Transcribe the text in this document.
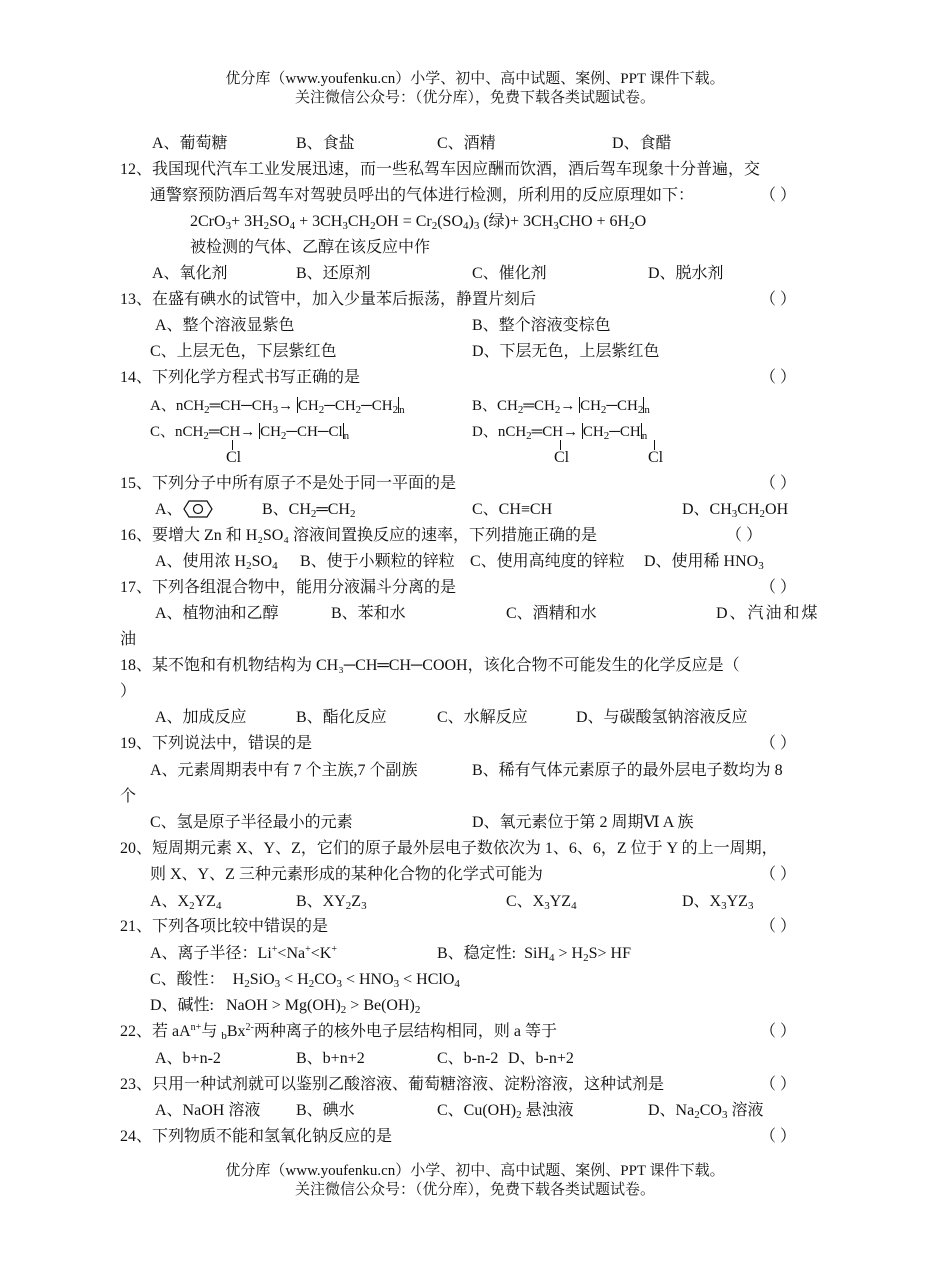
优分库（www.youfenku.cn）小学、初中、高中试题、案例、PPT 课件下载。
关注微信公众号：（优分库），免费下载各类试题试卷。
A、葡萄糖	B、食盐	C、酒精	D、食醋
12、我国现代汽车工业发展迅速，而一些私驾车因应酬而饮酒，酒后驾车现象十分普遍，交
通警察预防酒后驾车对驾驶员呼出的气体进行检测，所利用的反应原理如下：	（ ）
$2CrO_3+ 3H_2SO_4 + 3CH_3CH_2OH = Cr_2(SO_4)_3$ (绿)+ $3CH_3CHO + 6H_2O$
被检测的气体、乙醇在该反应中作
A、氧化剂	B、还原剂	C、催化剂	D、脱水剂
13、在盛有碘水的试管中，加入少量苯后振荡，静置片刻后	（ ）
A、整个溶液显紫色	B、整个溶液变棕色
C、上层无色，下层紫红色	D、下层无色，上层紫红色
14、下列化学方程式书写正确的是	（ ）
A、$nCH_2═CH─CH_3\to$ $CH_2─CH_2─CH_{2n}$	B、$CH_2═CH_2\to$ $CH_2─CH_{2n}$
C、nCH$_2$═CH→ $CH_2─CH─Cl_n$	D、nCH$_2$═CH→ $CH_2─CH_n$
Cl	Cl	Cl
15、下列分子中所有原子不是处于同一平面的是	（ ）
A、	B、$CH_2═CH_2$	C、CH≡CH	D、$CH_3CH_2OH$
16、要增大 Zn 和 H₂SO₄ 溶液间置换反应的速率，下列措施正确的是	（ ）
A、使用浓 $H_2SO_4$ B、使于小颗粒的锌粒 C、使用高纯度的锌粒 D、使用稀 $HNO_3$
17、下列各组混合物中，能用分液漏斗分离的是	（ ）
A、植物油和乙醇	B、苯和水	C、酒精和水	D、汽油和煤
油
18、某不饱和有机物结构为 CH₃─CH═CH─COOH，该化合物不可能发生的化学反应是（
）
A、加成反应	B、酯化反应	C、水解反应	D、与碳酸氢钠溶液反应
19、下列说法中，错误的是	（ ）
A、元素周期表中有 7 个主族,7 个副族	B、稀有气体元素原子的最外层电子数均为 8
个
C、氢是原子半径最小的元素	D、氧元素位于第 2 周期Ⅵ A 族
20、短周期元素 X、Y、Z，它们的原子最外层电子数依次为 1、6、6，Z 位于 Y 的上一周期，
则 X、Y、Z 三种元素形成的某种化合物的化学式可能为	（ ）
A、$X_2YZ_4$	B、$XY_2Z_3$	C、$X_3YZ_4$	D、$X_3YZ_3$
21、下列各项比较中错误的是	（ ）
A、离子半径：Li+<Na+<K+	B、稳定性:  $SiH_4 > H_2S>$ HF
C、酸性：  $H_2SiO_3 < H_2CO_3 < HNO_3$ < HClO$_4$
D、碱性:   NaOH > $Mg(OH)_2 > Be(OH)_2$
22、若 $aA^{n+}$与 $_bBx^{2-}$两种离子的核外电子层结构相同，则 a 等于	（ ）
A、b+n-2	B、b+n+2	C、b-n-2 D、b-n+2
23、只用一种试剂就可以鉴别乙酸溶液、葡萄糖溶液、淀粉溶液，这种试剂是	（ ）
A、NaOH 溶液 B、碘水	C、$Cu(OH)_2$ 悬浊液	D、$Na_2CO_3$ 溶液
24、下列物质不能和氢氧化钠反应的是	（ ）
优分库（www.youfenku.cn）小学、初中、高中试题、案例、PPT 课件下载。
关注微信公众号：（优分库），免费下载各类试题试卷。
